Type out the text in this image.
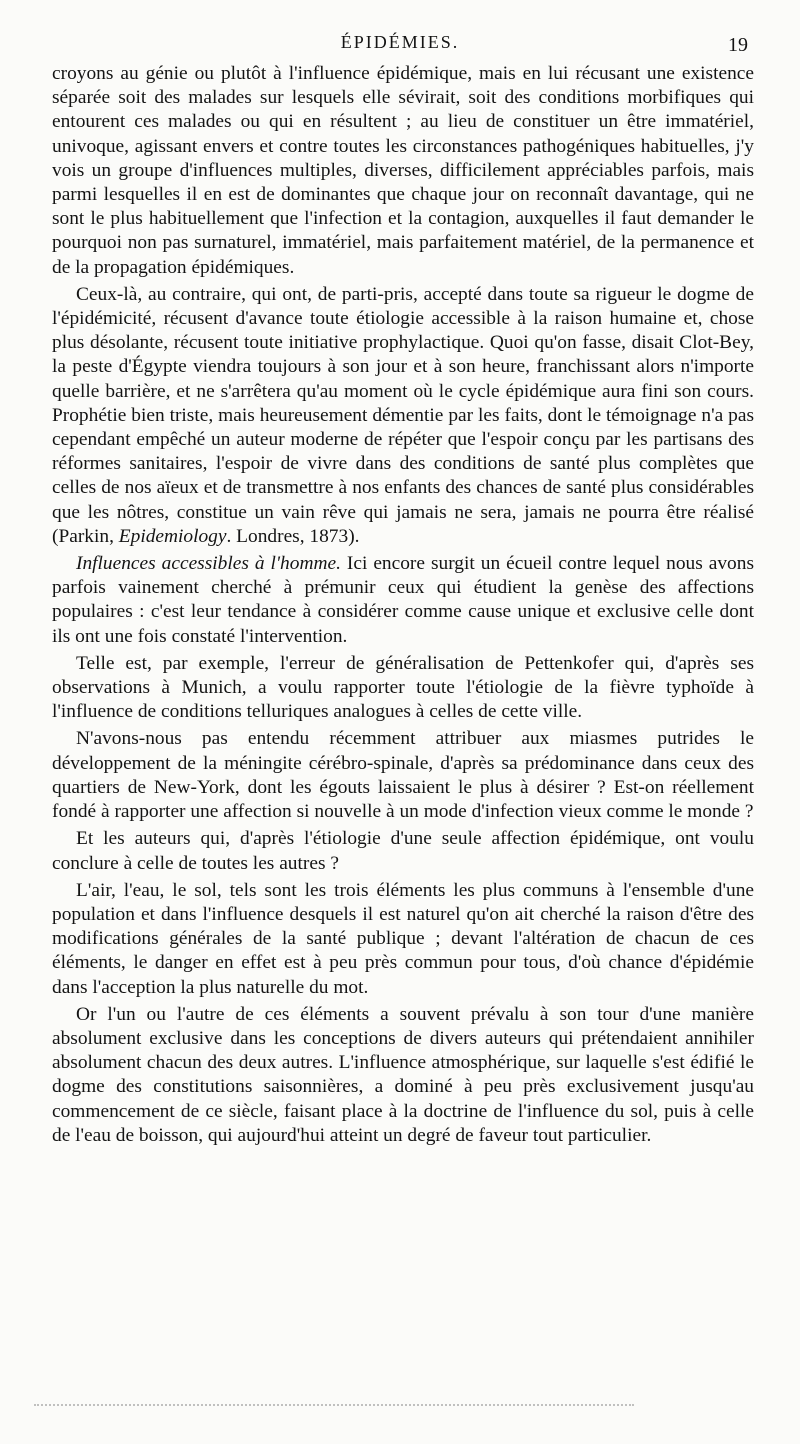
ÉPIDÉMIES.	19

croyons au génie ou plutôt à l'influence épidémique, mais en lui récusant une existence séparée soit des malades sur lesquels elle sévirait, soit des conditions morbifiques qui entourent ces malades ou qui en résultent ; au lieu de constituer un être immatériel, univoque, agissant envers et contre toutes les circonstances pathogéniques habituelles, j'y vois un groupe d'influences multiples, diverses, difficilement appréciables parfois, mais parmi lesquelles il en est de dominantes que chaque jour on reconnaît davantage, qui ne sont le plus habituellement que l'infection et la contagion, auxquelles il faut demander le pourquoi non pas surnaturel, immatériel, mais parfaitement matériel, de la permanence et de la propagation épidémiques.

Ceux-là, au contraire, qui ont, de parti-pris, accepté dans toute sa rigueur le dogme de l'épidémicité, récusent d'avance toute étiologie accessible à la raison humaine et, chose plus désolante, récusent toute initiative prophylactique. Quoi qu'on fasse, disait Clot-Bey, la peste d'Égypte viendra toujours à son jour et à son heure, franchissant alors n'importe quelle barrière, et ne s'arrêtera qu'au moment où le cycle épidémique aura fini son cours. Prophétie bien triste, mais heureusement démentie par les faits, dont le témoignage n'a pas cependant empêché un auteur moderne de répéter que l'espoir conçu par les partisans des réformes sanitaires, l'espoir de vivre dans des conditions de santé plus complètes que celles de nos aïeux et de transmettre à nos enfants des chances de santé plus considérables que les nôtres, constitue un vain rêve qui jamais ne sera, jamais ne pourra être réalisé (Parkin, Epidemiology. Londres, 1873).

Influences accessibles à l'homme. Ici encore surgit un écueil contre lequel nous avons parfois vainement cherché à prémunir ceux qui étudient la genèse des affections populaires : c'est leur tendance à considérer comme cause unique et exclusive celle dont ils ont une fois constaté l'intervention.

Telle est, par exemple, l'erreur de généralisation de Pettenkofer qui, d'après ses observations à Munich, a voulu rapporter toute l'étiologie de la fièvre typhoïde à l'influence de conditions telluriques analogues à celles de cette ville.

N'avons-nous pas entendu récemment attribuer aux miasmes putrides le développement de la méningite cérébro-spinale, d'après sa prédominance dans ceux des quartiers de New-York, dont les égouts laissaient le plus à désirer ? Est-on réellement fondé à rapporter une affection si nouvelle à un mode d'infection vieux comme le monde ?

Et les auteurs qui, d'après l'étiologie d'une seule affection épidémique, ont voulu conclure à celle de toutes les autres ?

L'air, l'eau, le sol, tels sont les trois éléments les plus communs à l'ensemble d'une population et dans l'influence desquels il est naturel qu'on ait cherché la raison d'être des modifications générales de la santé publique ; devant l'altération de chacun de ces éléments, le danger en effet est à peu près commun pour tous, d'où chance d'épidémie dans l'acception la plus naturelle du mot.

Or l'un ou l'autre de ces éléments a souvent prévalu à son tour d'une manière absolument exclusive dans les conceptions de divers auteurs qui prétendaient annihiler absolument chacun des deux autres. L'influence atmosphérique, sur laquelle s'est édifié le dogme des constitutions saisonnières, a dominé à peu près exclusivement jusqu'au commencement de ce siècle, faisant place à la doctrine de l'influence du sol, puis à celle de l'eau de boisson, qui aujourd'hui atteint un degré de faveur tout particulier.
